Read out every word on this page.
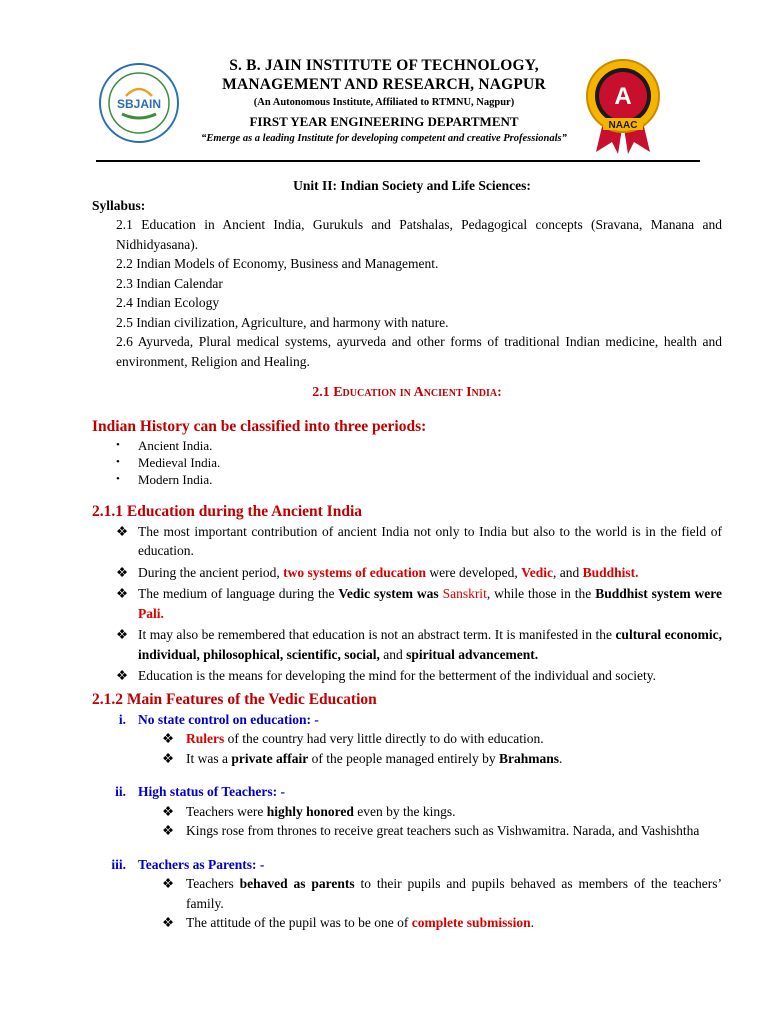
SBJAIN
S. B. JAIN INSTITUTE OF TECHNOLOGY,
MANAGEMENT AND RESEARCH, NAGPUR
(An Autonomous Institute, Affiliated to RTMNU, Nagpur)
FIRST YEAR ENGINEERING DEPARTMENT
“Emerge as a leading Institute for developing competent and creative Professionals”
A
NAAC
Unit II: Indian Society and Life Sciences:
Syllabus:
2.1 Education in Ancient India, Gurukuls and Patshalas, Pedagogical concepts (Sravana, Manana and Nidhidyasana).
2.2 Indian Models of Economy, Business and Management.
2.3 Indian Calendar
2.4 Indian Ecology
2.5 Indian civilization, Agriculture, and harmony with nature.
2.6 Ayurveda, Plural medical systems, ayurveda and other forms of traditional Indian medicine, health and environment, Religion and Healing.
2.1 Education in Ancient India:
Indian History can be classified into three periods:
• Ancient India.
• Medieval India.
• Modern India.
2.1.1 Education during the Ancient India
❖ The most important contribution of ancient India not only to India but also to the world is in the field of education.
❖ During the ancient period, two systems of education were developed, Vedic, and Buddhist.
❖ The medium of language during the Vedic system was Sanskrit, while those in the Buddhist system were Pali.
❖ It may also be remembered that education is not an abstract term. It is manifested in the cultural economic, individual, philosophical, scientific, social, and spiritual advancement.
❖ Education is the means for developing the mind for the betterment of the individual and society.
2.1.2 Main Features of the Vedic Education
i. No state control on education: -
❖ Rulers of the country had very little directly to do with education.
❖ It was a private affair of the people managed entirely by Brahmans.
ii. High status of Teachers: -
❖ Teachers were highly honored even by the kings.
❖ Kings rose from thrones to receive great teachers such as Vishwamitra. Narada, and Vashishtha
iii. Teachers as Parents: -
❖ Teachers behaved as parents to their pupils and pupils behaved as members of the teachers’ family.
❖ The attitude of the pupil was to be one of complete submission.
